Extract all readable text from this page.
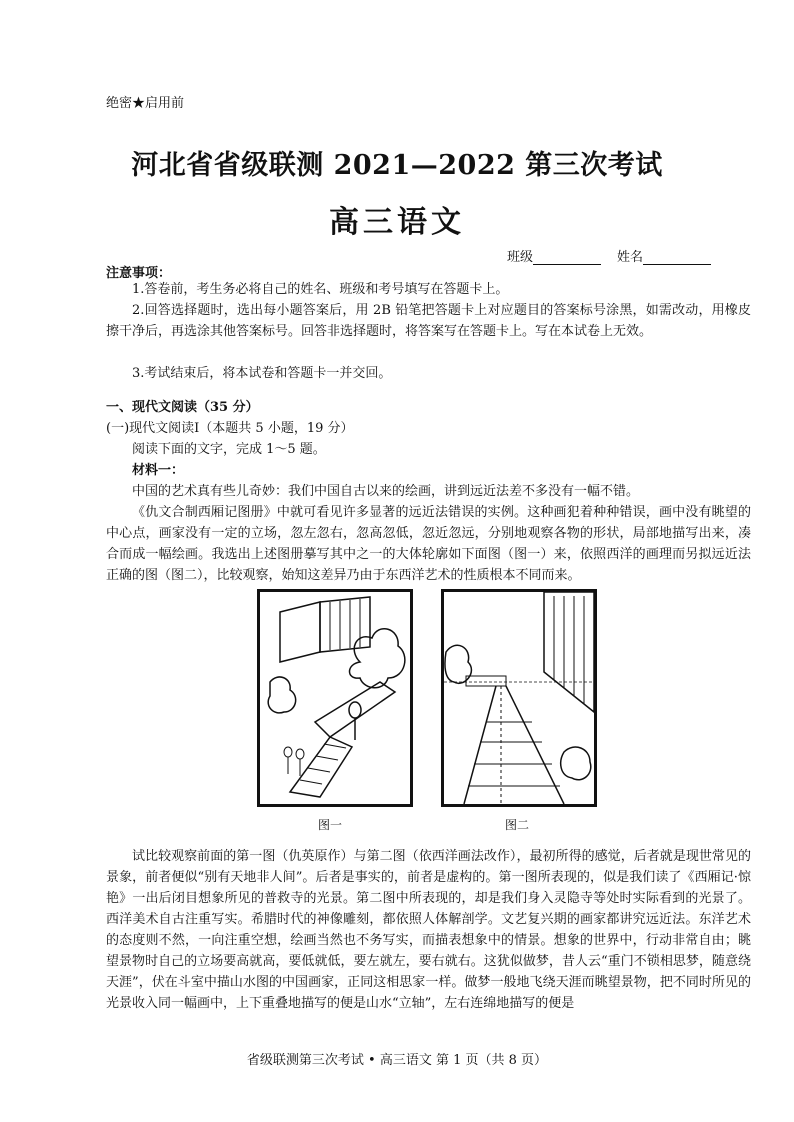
绝密★启用前
河北省省级联测 2021—2022 第三次考试
高三语文
班级	姓名
注意事项：

1.答卷前，考生务必将自己的姓名、班级和考号填写在答题卡上。

2.回答选择题时，选出每小题答案后，用 2B 铅笔把答题卡上对应题目的答案标号涂黑，如需改动，用橡皮擦干净后，再选涂其他答案标号。回答非选择题时，将答案写在答题卡上。写在本试卷上无效。

3.考试结束后，将本试卷和答题卡一并交回。

一、现代文阅读（35 分）
(一)现代文阅读Ⅰ（本题共 5 小题，19 分）
阅读下面的文字，完成 1～5 题。
材料一：

中国的艺术真有些儿奇妙：我们中国自古以来的绘画，讲到远近法差不多没有一幅不错。

《仇文合制西厢记图册》中就可看见许多显著的远近法错误的实例。这种画犯着种种错误，画中没有眺望的中心点，画家没有一定的立场，忽左忽右，忽高忽低，忽近忽远，分别地观察各物的形状，局部地描写出来，凑合而成一幅绘画。我选出上述图册摹写其中之一的大体轮廓如下面图（图一）来，依照西洋的画理而另拟远近法正确的图（图二），比较观察，始知这差异乃由于东西洋艺术的性质根本不同而来。

图一	图二

试比较观察前面的第一图（仇英原作）与第二图（依西洋画法改作），最初所得的感觉，后者就是现世常见的景象，前者便似“别有天地非人间”。后者是事实的，前者是虚构的。第一图所表现的，似是我们读了《西厢记·惊艳》一出后闭目想象所见的普救寺的光景。第二图中所表现的，却是我们身入灵隐寺等处时实际看到的光景了。西洋美术自古注重写实。希腊时代的神像雕刻，都依照人体解剖学。文艺复兴期的画家都讲究远近法。东洋艺术的态度则不然，一向注重空想，绘画当然也不务写实，而描表想象中的情景。想象的世界中，行动非常自由；眺望景物时自己的立场要高就高，要低就低，要左就左，要右就右。这犹似做梦，昔人云“重门不锁相思梦，随意绕天涯”，伏在斗室中描山水图的中国画家，正同这相思家一样。做梦一般地飞绕天涯而眺望景物，把不同时所见的光景收入同一幅画中，上下重叠地描写的便是山水“立轴”，左右连绵地描写的便是

省级联测第三次考试 • 高三语文 第 1 页（共 8 页）
